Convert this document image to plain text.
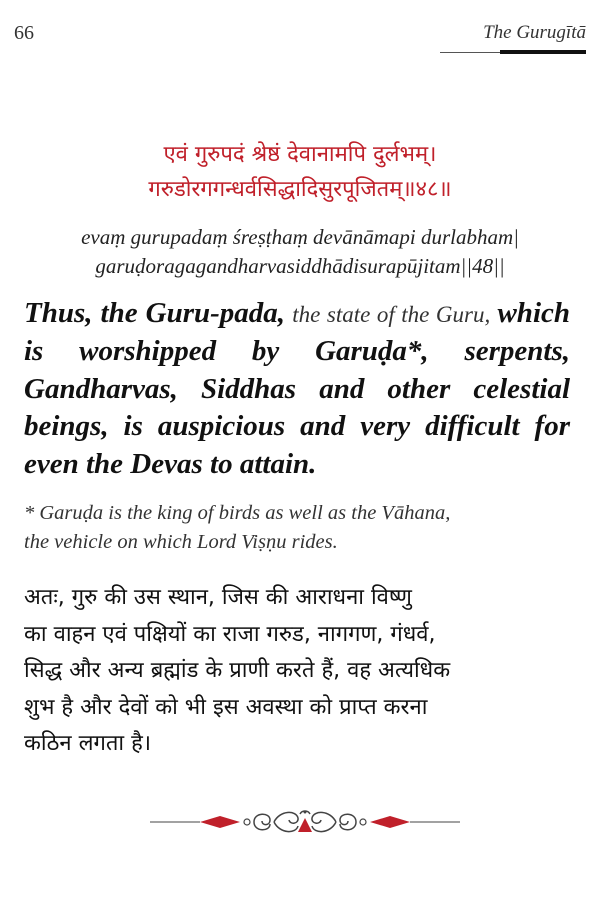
66	The Gurugītā
एवं गुरुपदं श्रेष्ठं देवानामपि दुर्लभम्।
गरुडोरगगन्धर्वसिद्धादिसुरपूजितम्॥४८॥
evaṃ gurupadaṃ śreṣṭhaṃ devānāmapi durlabham|
garuḍoragagandharvasiddhādisurapūjitam||48||
Thus, the Guru-pada, the state of the Guru, which is worshipped by Garuḍa*, serpents, Gandharvas, Siddhas and other celestial beings, is auspicious and very difficult for even the Devas to attain.
* Garuḍa is the king of birds as well as the Vāhana,
the vehicle on which Lord Viṣṇu rides.
अतः, गुरु की उस स्थान, जिस की आराधना विष्णु
का वाहन एवं पक्षियों का राजा गरुड, नागगण, गंधर्व,
सिद्ध और अन्य ब्रह्मांड के प्राणी करते हैं, वह अत्यधिक
शुभ है और देवों को भी इस अवस्था को प्राप्त करना
कठिन लगता है।
